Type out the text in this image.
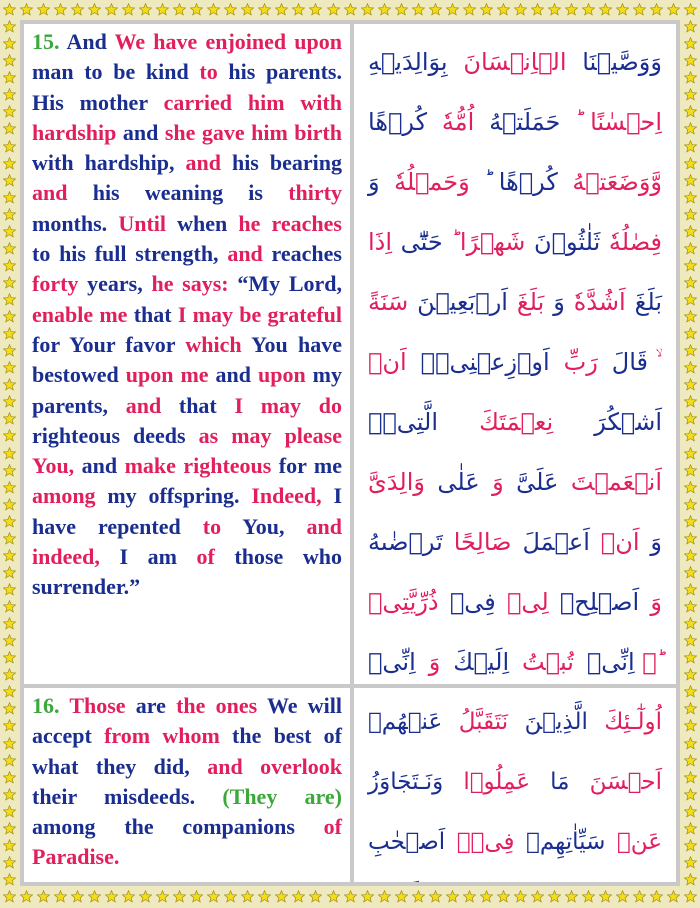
15. And We have enjoined upon man to be kind to his parents. His mother carried him with hardship and she gave him birth with hardship, and his bearing and his weaning is thirty months. Until when he reaches to his full strength, and reaches forty years, he says: “My Lord, enable me that I may be grateful for Your favor which You have bestowed upon me and upon my parents, and that I may do righteous deeds as may please You, and make righteous for me among my offspring. Indeed, I have repented to You, and indeed, I am of those who surrender.”
وَوَصَّيۡنَا الۡاِنۡسَانَ بِوَالِدَیۡهِ اِحۡسٰنًا ؕ حَمَلَتۡهُ اُمُّهٗ كُرۡهًا وَّوَضَعَتۡهُ كُرۡهًا ؕ وَحَمۡلُهٗ وَ فِصٰلُهٗ ثَلٰثُوۡنَ شَهۡرًا ؕ حَتّٰٓى اِذَا بَلَغَ اَشُدَّهٗ وَ بَلَغَ اَرۡبَعِيۡنَ سَنَةً ۙ قَالَ رَبِّ اَوۡزِعۡنِىۡۤ اَنۡ اَشۡكُرَ نِعۡمَتَكَ الَّتِىۡۤ اَنۡعَمۡتَ عَلَىَّ وَ عَلٰى وَالِدَىَّ وَ اَنۡ اَعۡمَلَ صَالِحًا تَرۡضٰٮهُ وَ اَصۡلِحۡ لِىۡ فِىۡ ذُرِّيَّتِىۡ ؕۚ اِنِّىۡ تُبۡتُ اِلَيۡكَ وَ اِنِّىۡ
16. Those are the ones We will accept from whom the best of what they did, and overlook their misdeeds. (They are) among the companions of Paradise.
اُولٰٓـئِكَ الَّذِيۡنَ نَتَقَبَّلُ عَنۡهُمۡ اَحۡسَنَ مَا عَمِلُوۡا وَنَـتَجَاوَزُ عَنۡ سَيِّاٰتِهِمۡ فِىۡۤ اَصۡحٰبِ
